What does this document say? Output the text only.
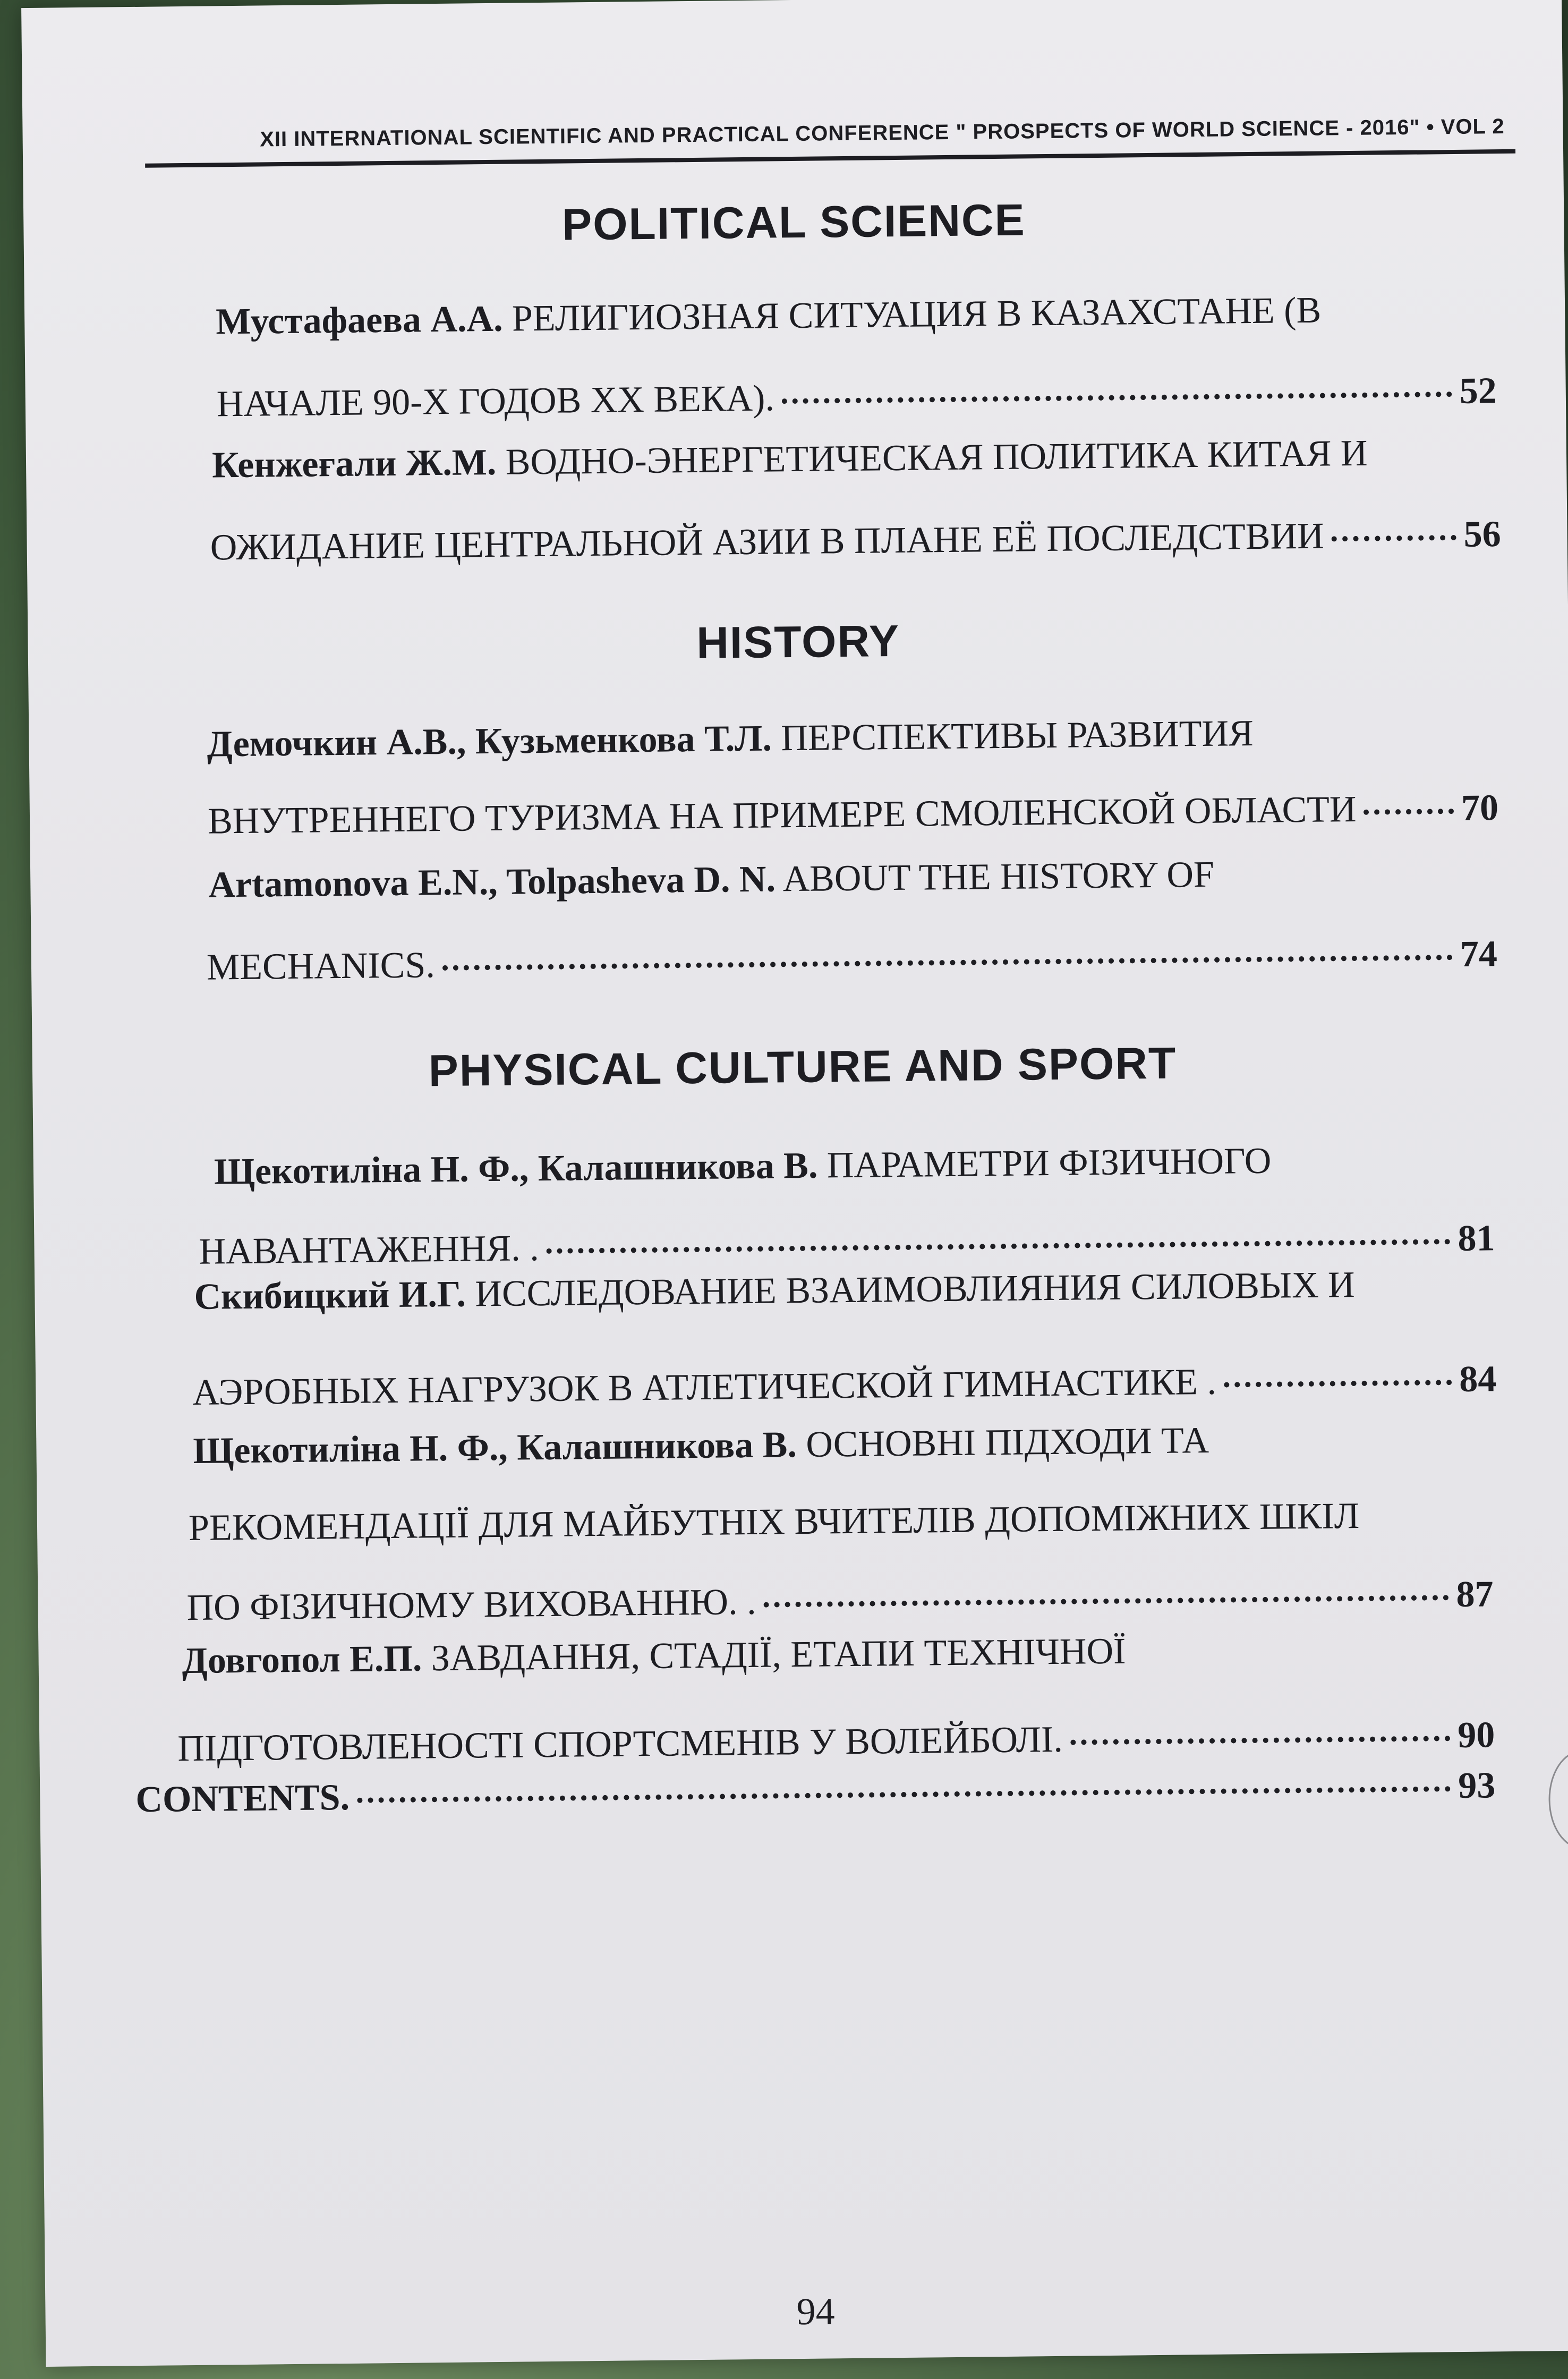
XII INTERNATIONAL SCIENTIFIC AND PRACTICAL CONFERENCE " PROSPECTS OF WORLD SCIENCE - 2016" • VOL 2
POLITICAL SCIENCE
Мустафаева А.А. РЕЛИГИОЗНАЯ СИТУАЦИЯ В КАЗАХСТАНЕ (В
НАЧАЛЕ 90-Х ГОДОВ XX ВЕКА).	52
Кенжеғали Ж.М. ВОДНО-ЭНЕРГЕТИЧЕСКАЯ ПОЛИТИКА КИТАЯ И
ОЖИДАНИЕ ЦЕНТРАЛЬНОЙ АЗИИ В ПЛАНЕ ЕЁ ПОСЛЕДСТВИИ	56
HISTORY
Демочкин А.В., Кузьменкова Т.Л. ПЕРСПЕКТИВЫ РАЗВИТИЯ
ВНУТРЕННЕГО ТУРИЗМА НА ПРИМЕРЕ СМОЛЕНСКОЙ ОБЛАСТИ	70
Artamonova E.N., Tolpasheva D. N. ABOUT THE HISTORY OF
MECHANICS.	74
PHYSICAL CULTURE AND SPORT
Щекотиліна Н. Ф., Калашникова В. ПАРАМЕТРИ ФІЗИЧНОГО
НАВАНТАЖЕННЯ. .	81
Скибицкий И.Г. ИССЛЕДОВАНИЕ ВЗАИМОВЛИЯНИЯ СИЛОВЫХ И
АЭРОБНЫХ НАГРУЗОК В АТЛЕТИЧЕСКОЙ ГИМНАСТИКЕ .	84
Щекотиліна Н. Ф., Калашникова В. ОСНОВНІ ПІДХОДИ ТА
РЕКОМЕНДАЦІЇ ДЛЯ МАЙБУТНІХ ВЧИТЕЛІВ ДОПОМІЖНИХ ШКІЛ
ПО ФІЗИЧНОМУ ВИХОВАННЮ. .	87
Довгопол Е.П. ЗАВДАННЯ, СТАДІЇ, ЕТАПИ ТЕХНІЧНОЇ
ПІДГОТОВЛЕНОСТІ СПОРТСМЕНІВ У ВОЛЕЙБОЛІ.	90
CONTENTS.	93
94
